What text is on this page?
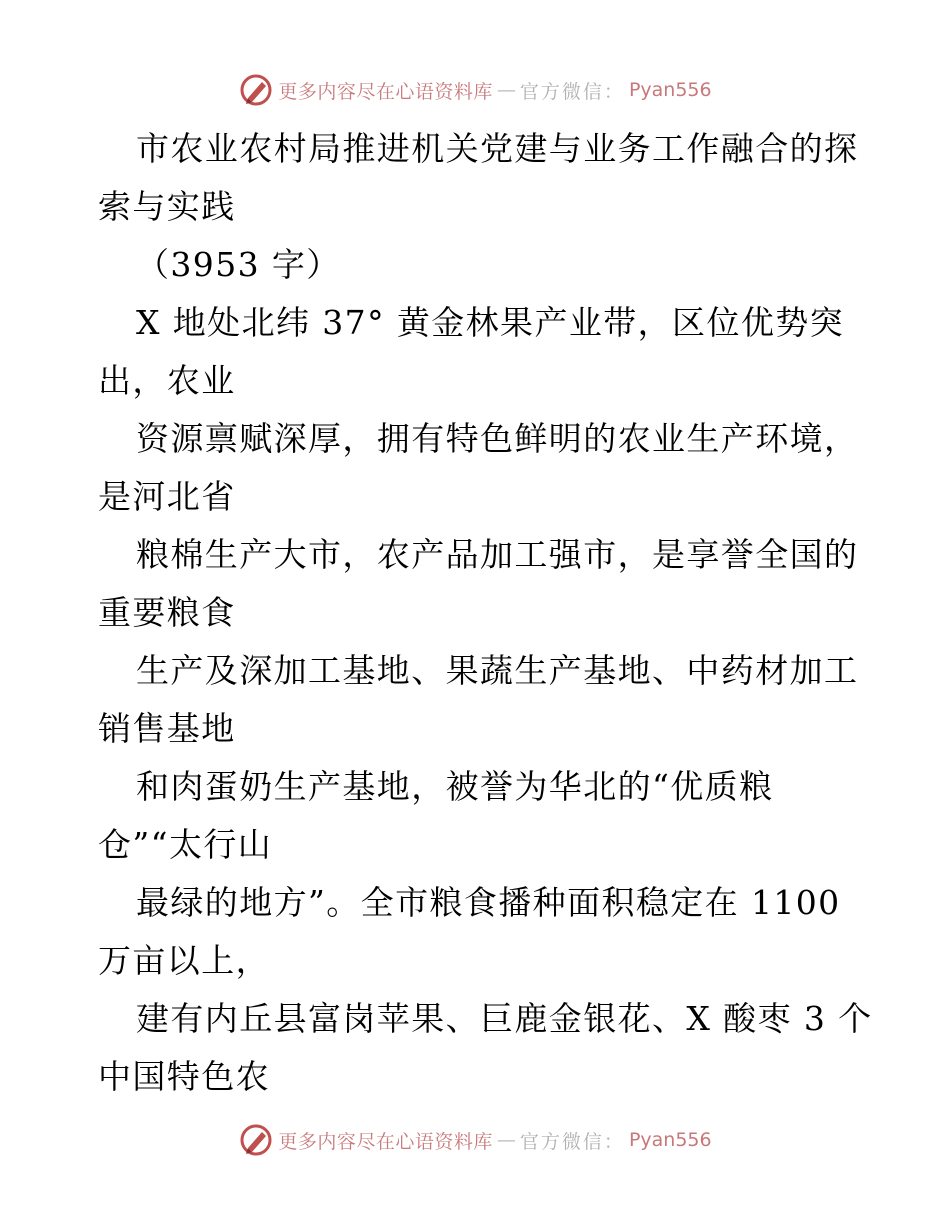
更多内容尽在心语资料库 — 官方微信： Pyan556
市农业农村局推进机关党建与业务工作融合的探
索与实践
（3953 字）
X 地处北纬 37° 黄金林果产业带，区位优势突
出，农业
资源禀赋深厚，拥有特色鲜明的农业生产环境，
是河北省
粮棉生产大市，农产品加工强市，是享誉全国的
重要粮食
生产及深加工基地、果蔬生产基地、中药材加工
销售基地
和肉蛋奶生产基地，被誉为华北的“优质粮
仓”“太行山
最绿的地方”。全市粮食播种面积稳定在 1100
万亩以上，
建有内丘县富岗苹果、巨鹿金银花、X 酸枣 3 个
中国特色农
更多内容尽在心语资料库 — 官方微信： Pyan556
